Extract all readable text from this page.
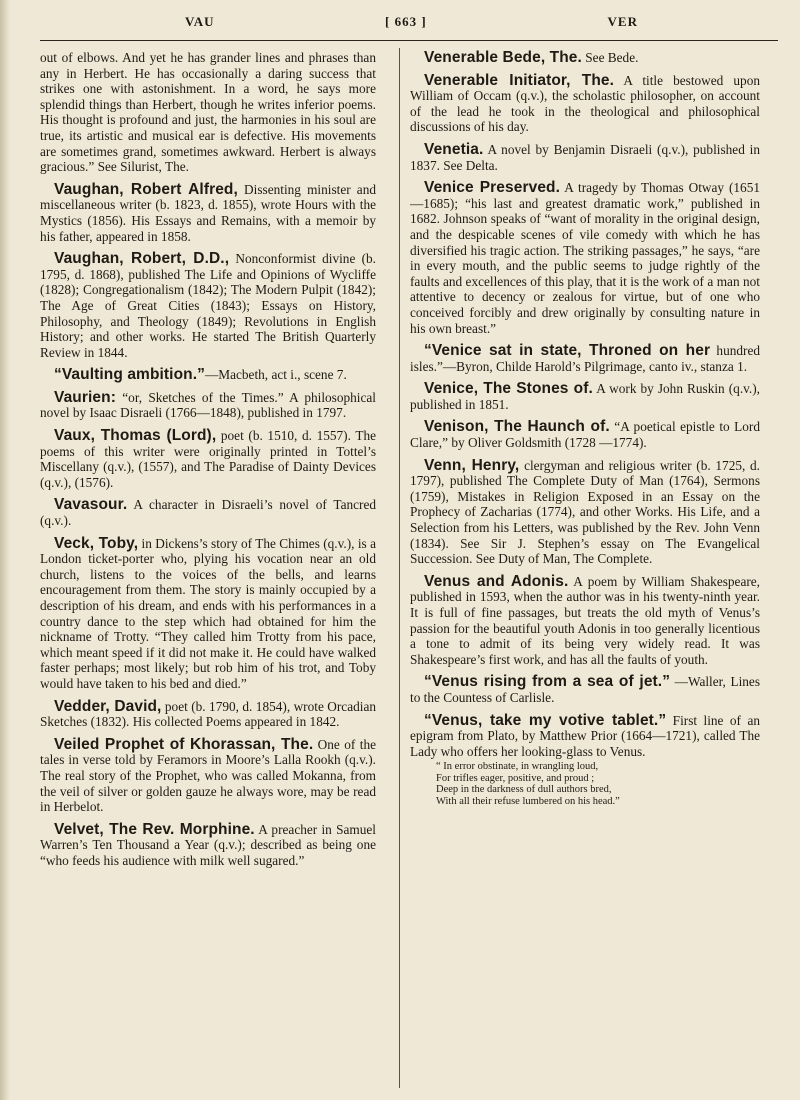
VAU	[ 663 ]	VER

out of elbows. And yet he has grander lines and phrases than any in Herbert. He has occasionally a daring success that strikes one with astonishment. In a word, he says more splendid things than Herbert, though he writes inferior poems. His thought is profound and just, the harmonies in his soul are true, its artistic and musical ear is defective. His movements are sometimes grand, sometimes awkward. Herbert is always gracious.” See Silurist, The.

Vaughan, Robert Alfred, Dissenting minister and miscellaneous writer (b. 1823, d. 1855), wrote Hours with the Mystics (1856). His Essays and Remains, with a memoir by his father, appeared in 1858.

Vaughan, Robert, D.D., Nonconformist divine (b. 1795, d. 1868), published The Life and Opinions of Wycliffe (1828); Congregationalism (1842); The Modern Pulpit (1842); The Age of Great Cities (1843); Essays on History, Philosophy, and Theology (1849); Revolutions in English History; and other works. He started The British Quarterly Review in 1844.

“Vaulting ambition.”—Macbeth, act i., scene 7.

Vaurien: “or, Sketches of the Times.” A philosophical novel by Isaac Disraeli (1766—1848), published in 1797.

Vaux, Thomas (Lord), poet (b. 1510, d. 1557). The poems of this writer were originally printed in Tottel’s Miscellany (q.v.), (1557), and The Paradise of Dainty Devices (q.v.), (1576).

Vavasour. A character in Disraeli’s novel of Tancred (q.v.).

Veck, Toby, in Dickens’s story of The Chimes (q.v.), is a London ticket-porter who, plying his vocation near an old church, listens to the voices of the bells, and learns encouragement from them. The story is mainly occupied by a description of his dream, and ends with his performances in a country dance to the step which had obtained for him the nickname of Trotty. “They called him Trotty from his pace, which meant speed if it did not make it. He could have walked faster perhaps; most likely; but rob him of his trot, and Toby would have taken to his bed and died.”

Vedder, David, poet (b. 1790, d. 1854), wrote Orcadian Sketches (1832). His collected Poems appeared in 1842.

Veiled Prophet of Khorassan, The. One of the tales in verse told by Feramors in Moore’s Lalla Rookh (q.v.). The real story of the Prophet, who was called Mokanna, from the veil of silver or golden gauze he always wore, may be read in Herbelot.

Velvet, The Rev. Morphine. A preacher in Samuel Warren’s Ten Thousand a Year (q.v.); described as being one “who feeds his audience with milk well sugared.”

Venerable Bede, The. See Bede.

Venerable Initiator, The. A title bestowed upon William of Occam (q.v.), the scholastic philosopher, on account of the lead he took in the theological and philosophical discussions of his day.

Venetia. A novel by Benjamin Disraeli (q.v.), published in 1837. See Delta.

Venice Preserved. A tragedy by Thomas Otway (1651—1685); “his last and greatest dramatic work,” published in 1682. Johnson speaks of “want of morality in the original design, and the despicable scenes of vile comedy with which he has diversified his tragic action. The striking passages,” he says, “are in every mouth, and the public seems to judge rightly of the faults and excellences of this play, that it is the work of a man not attentive to decency or zealous for virtue, but of one who conceived forcibly and drew originally by consulting nature in his own breast.”

“Venice sat in state, Throned on her hundred isles.”—Byron, Childe Harold’s Pilgrimage, canto iv., stanza 1.

Venice, The Stones of. A work by John Ruskin (q.v.), published in 1851.

Venison, The Haunch of. “A poetical epistle to Lord Clare,” by Oliver Goldsmith (1728 —1774).

Venn, Henry, clergyman and religious writer (b. 1725, d. 1797), published The Complete Duty of Man (1764), Sermons (1759), Mistakes in Religion Exposed in an Essay on the Prophecy of Zacharias (1774), and other Works. His Life, and a Selection from his Letters, was published by the Rev. John Venn (1834). See Sir J. Stephen’s essay on The Evangelical Succession. See Duty of Man, The Complete.

Venus and Adonis. A poem by William Shakespeare, published in 1593, when the author was in his twenty-ninth year. It is full of fine passages, but treats the old myth of Venus’s passion for the beautiful youth Adonis in too generally licentious a tone to admit of its being very widely read. It was Shakespeare’s first work, and has all the faults of youth.

“Venus rising from a sea of jet.” —Waller, Lines to the Countess of Carlisle.

“Venus, take my votive tablet.” First line of an epigram from Plato, by Matthew Prior (1664—1721), called The Lady who offers her looking-glass to Venus.

“ In error obstinate, in wrangling loud,
For trifles eager, positive, and proud ;
Deep in the darkness of dull authors bred,
With all their refuse lumbered on his head.”
